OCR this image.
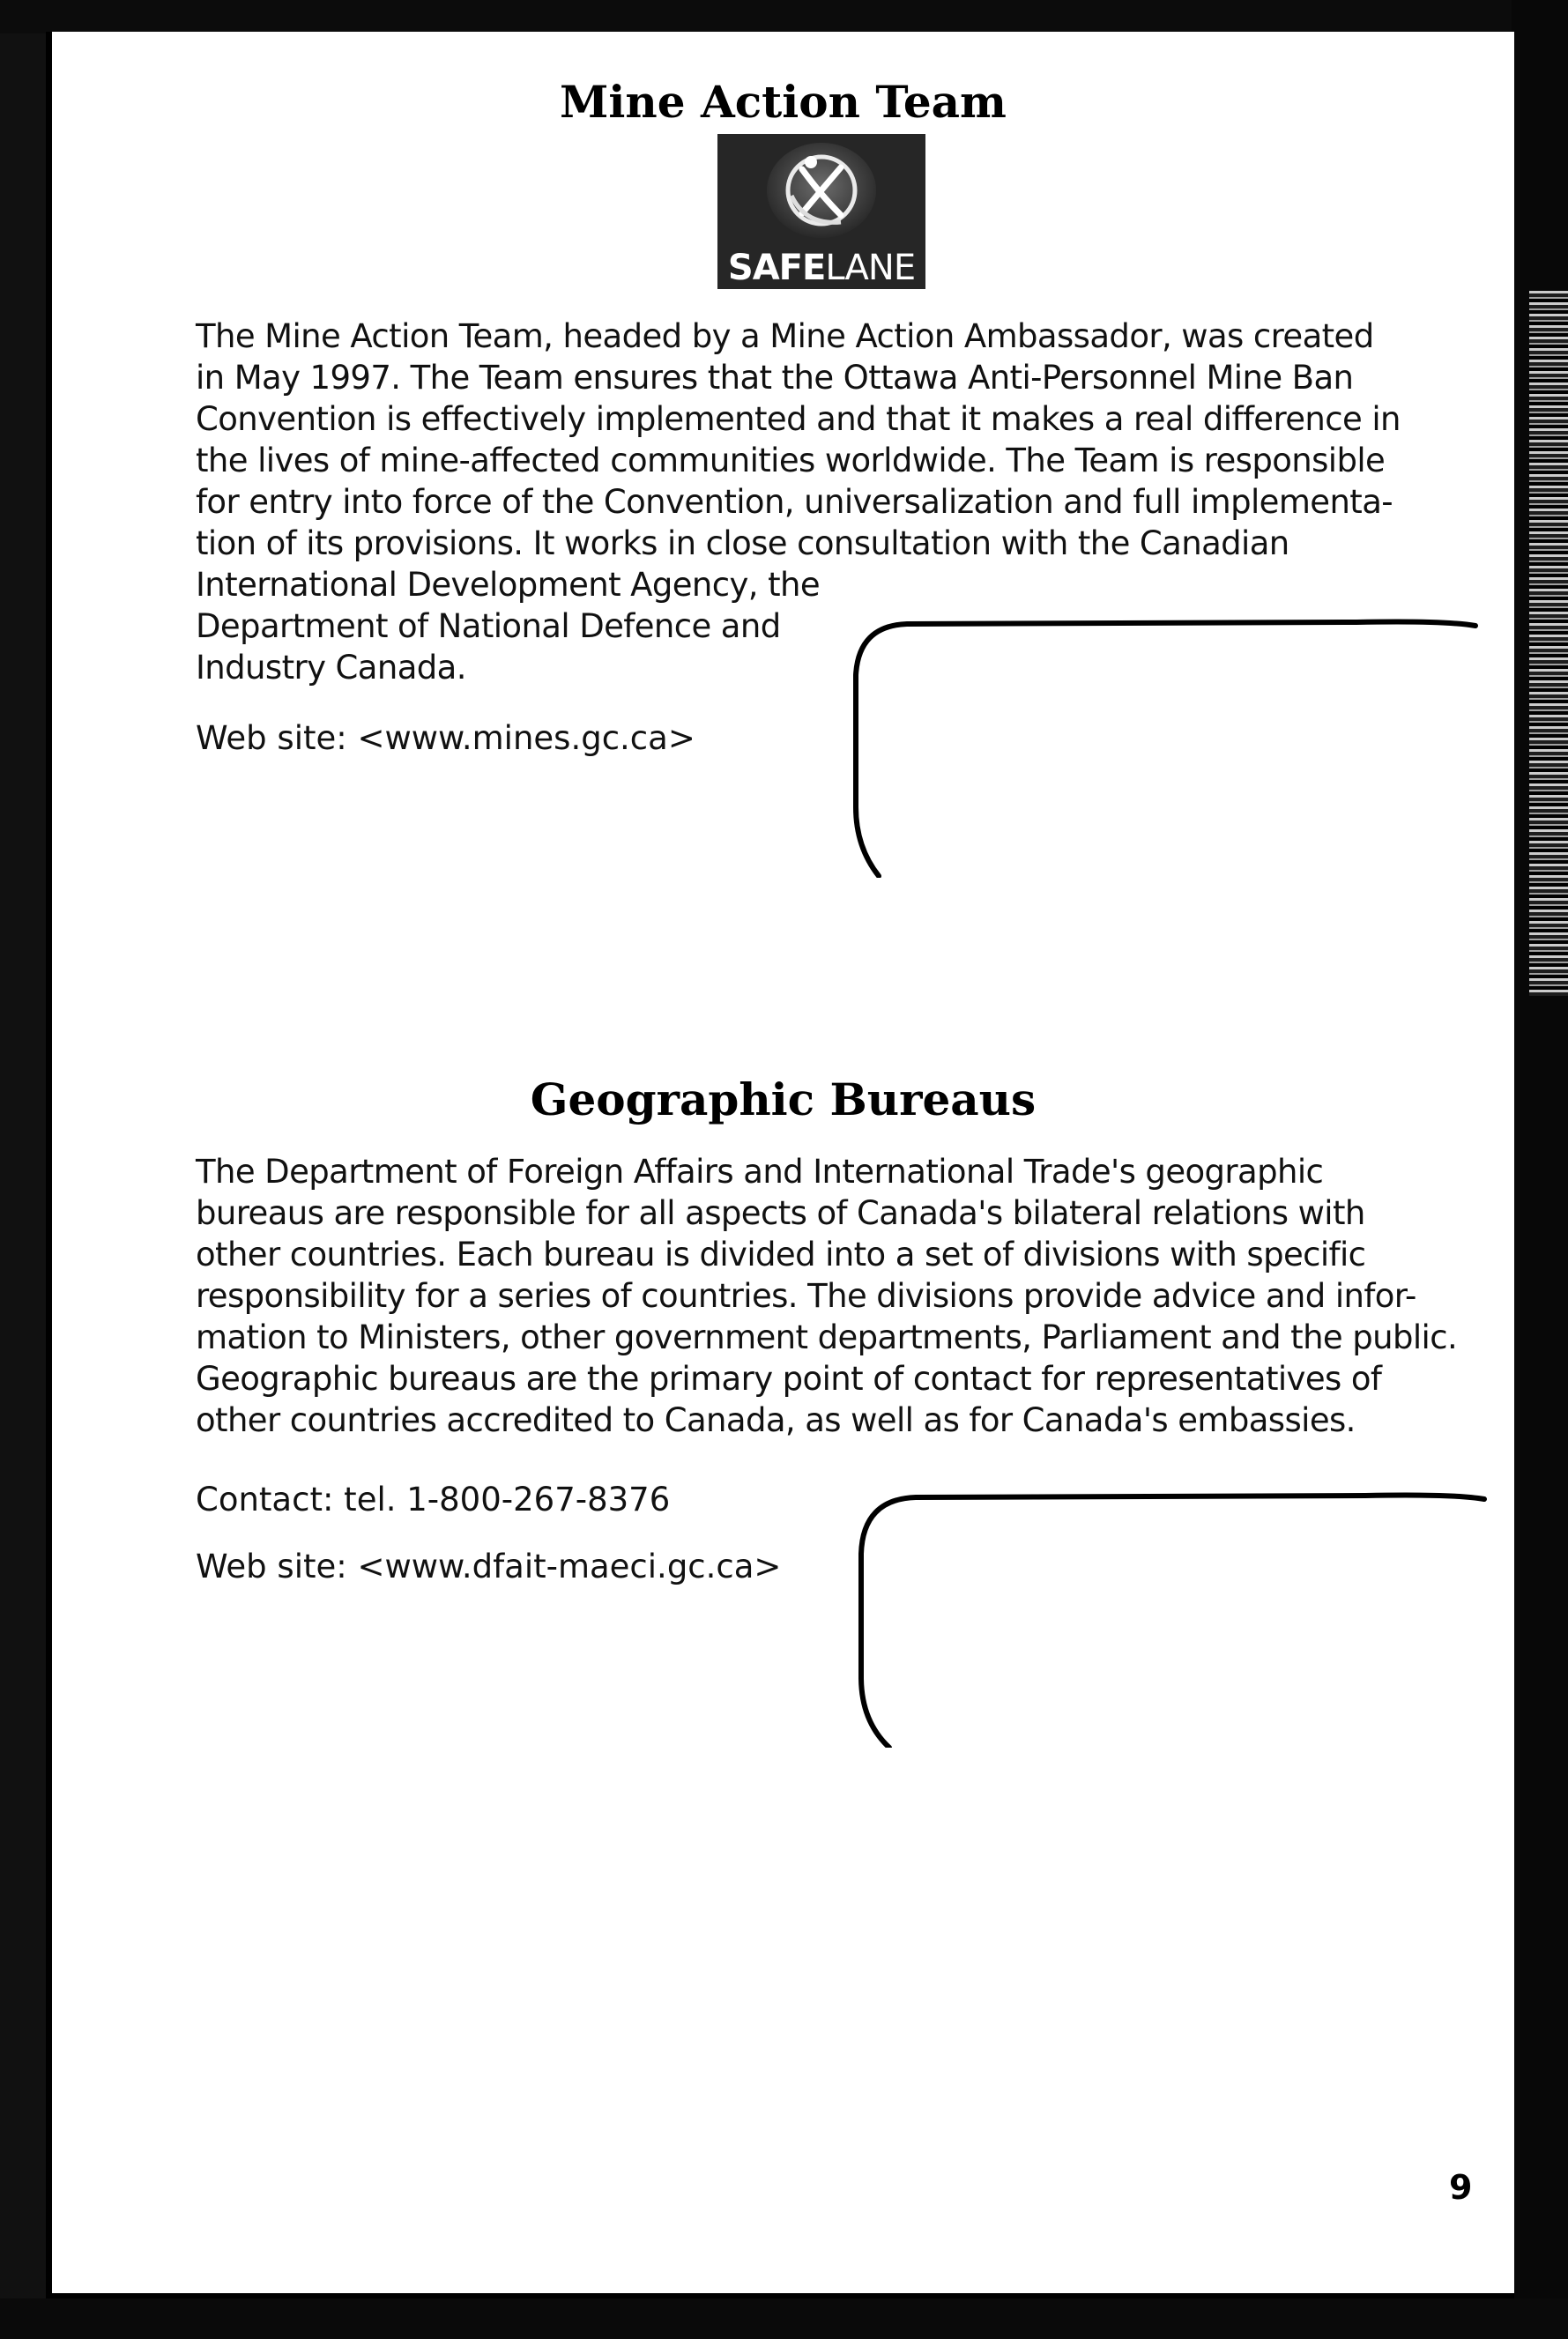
Mine Action Team
SAFELANE

The Mine Action Team, headed by a Mine Action Ambassador, was created
in May 1997. The Team ensures that the Ottawa Anti-Personnel Mine Ban
Convention is effectively implemented and that it makes a real difference in
the lives of mine-affected communities worldwide. The Team is responsible
for entry into force of the Convention, universalization and full implementa-
tion of its provisions. It works in close consultation with the Canadian

International Development Agency, the
Department of National Defence and
Industry Canada.

Web site: <www.mines.gc.ca>

Geographic Bureaus

The Department of Foreign Affairs and International Trade's geographic
bureaus are responsible for all aspects of Canada's bilateral relations with
other countries. Each bureau is divided into a set of divisions with specific
responsibility for a series of countries. The divisions provide advice and infor-
mation to Ministers, other government departments, Parliament and the public.
Geographic bureaus are the primary point of contact for representatives of
other countries accredited to Canada, as well as for Canada's embassies.

Contact: tel. 1-800-267-8376

Web site: <www.dfait-maeci.gc.ca>

9
